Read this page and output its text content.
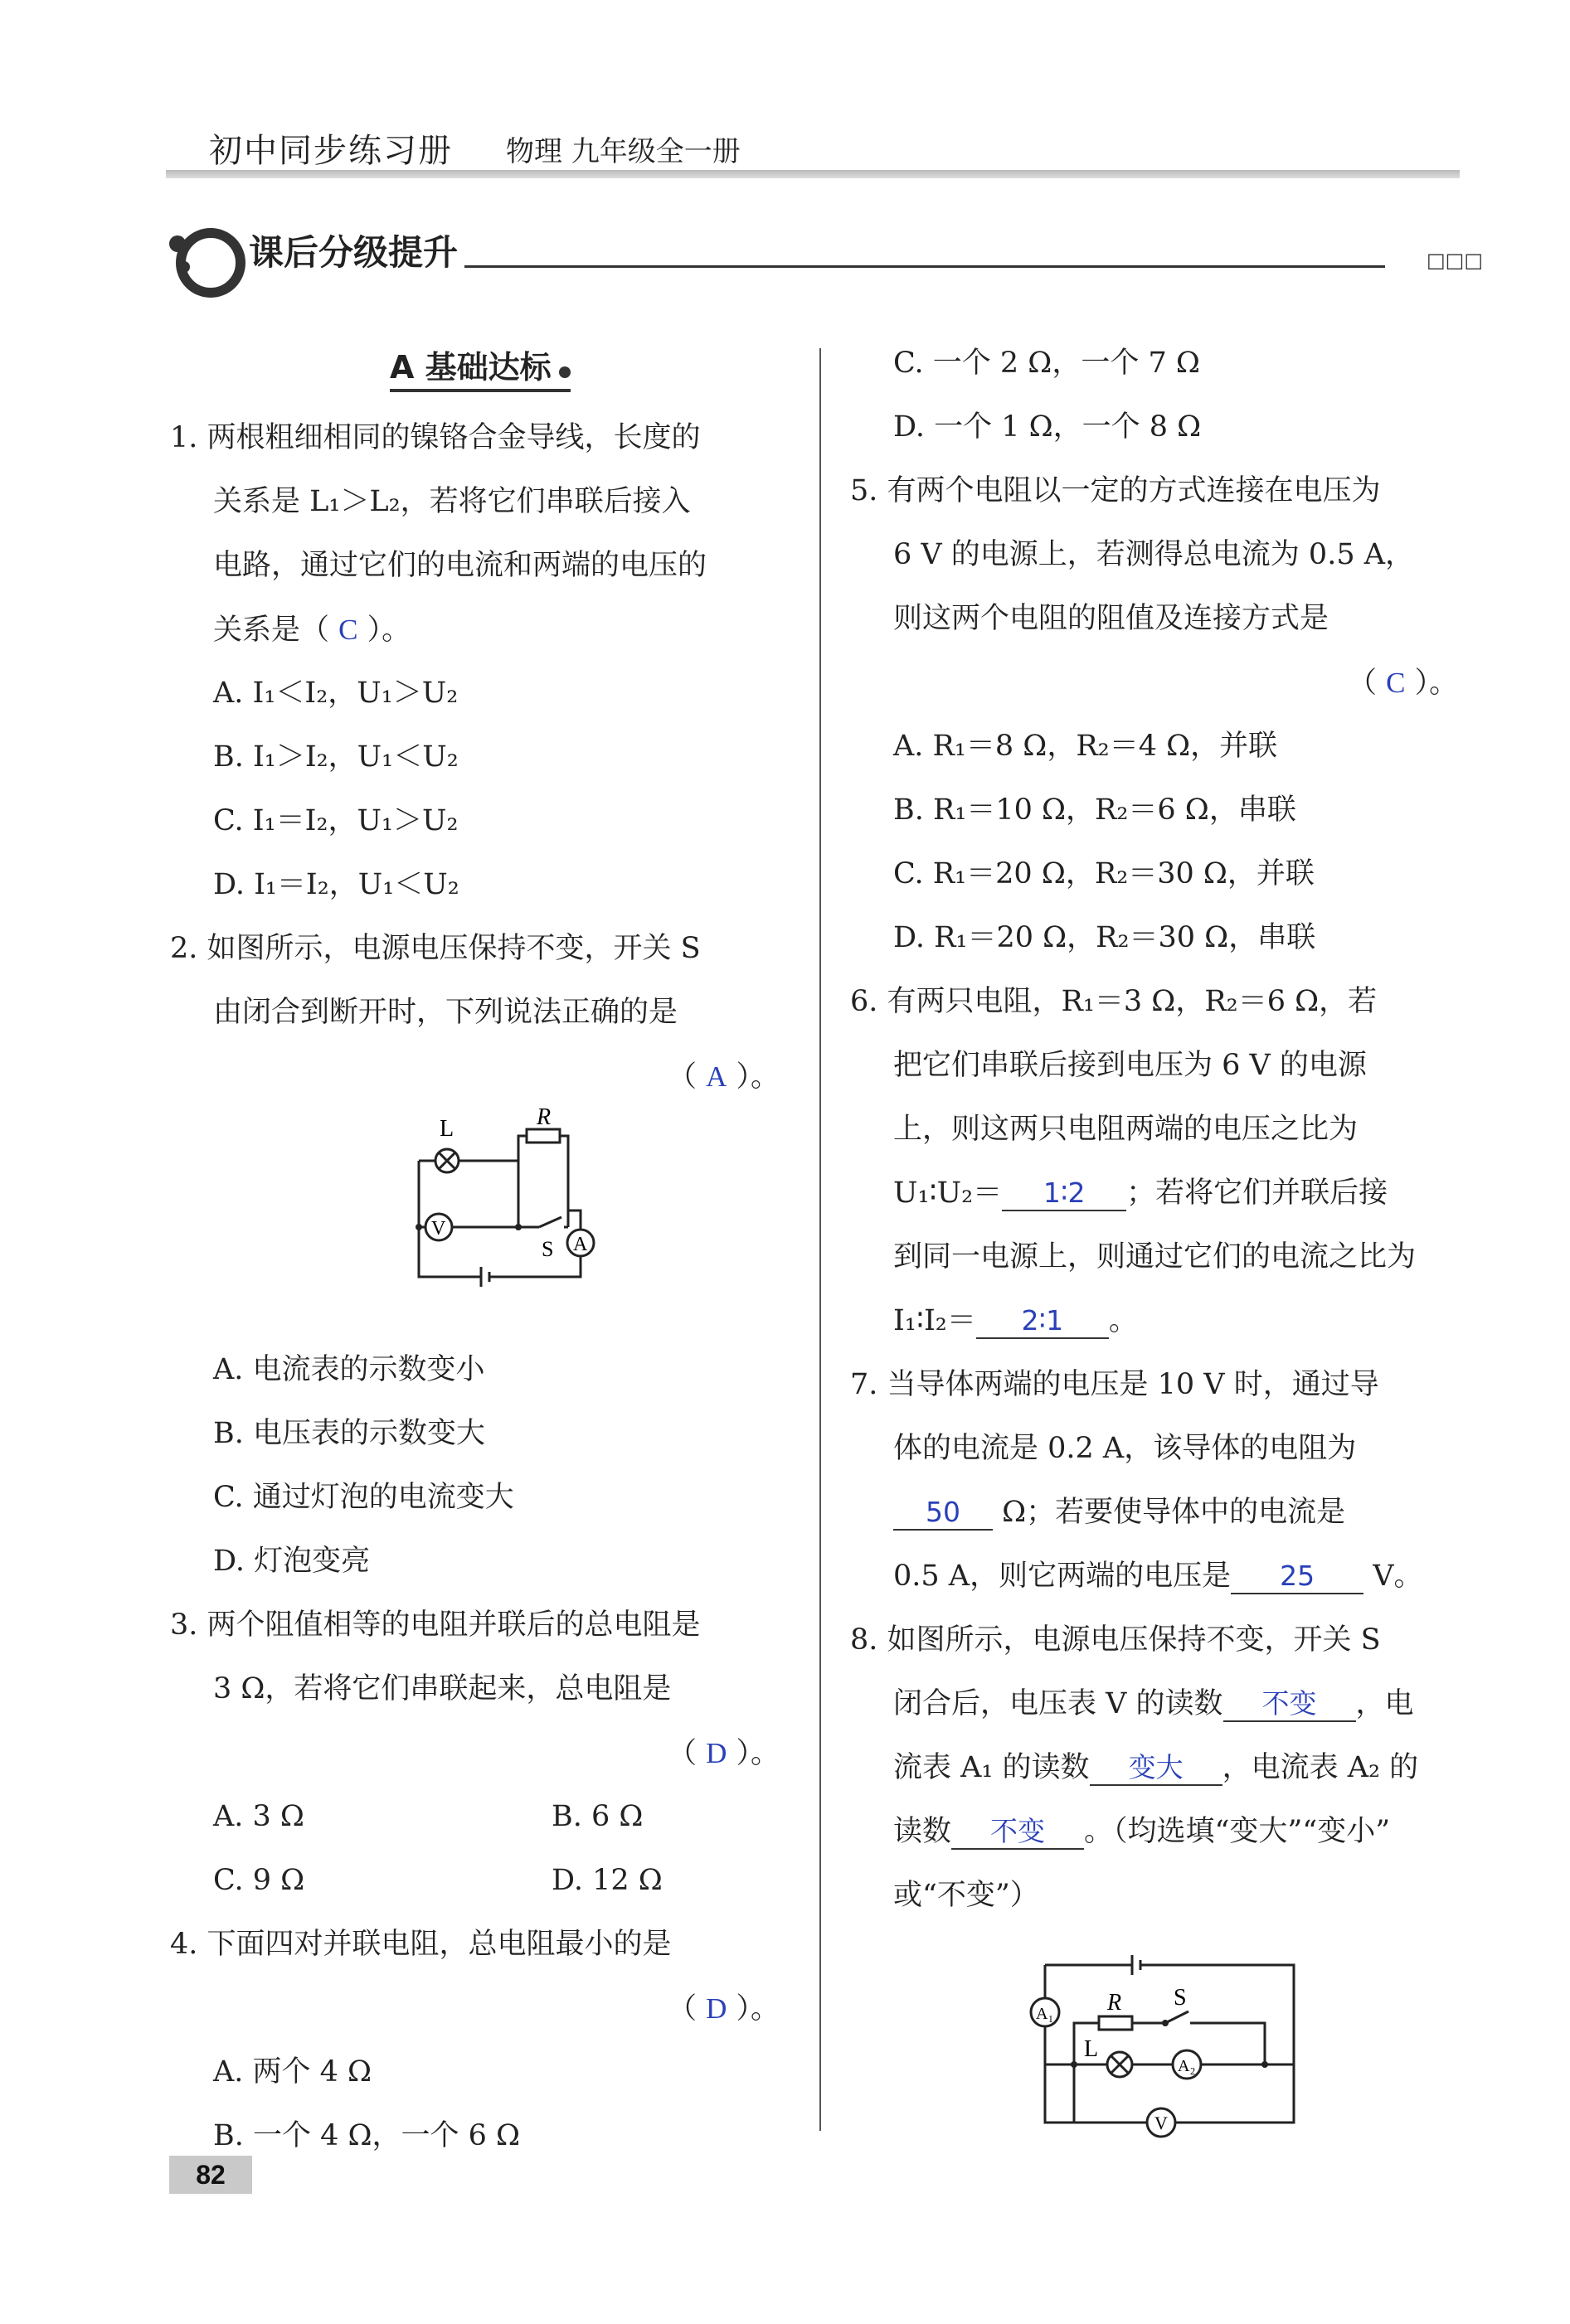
初中同步练习册 物理 九年级全一册
课后分级提升	□□□
A 基础达标
1. 两根粗细相同的镍铬合金导线，长度的
关系是 L₁＞L₂，若将它们串联后接入
电路，通过它们的电流和两端的电压的
关系是（ C ）。
A. I₁＜I₂，U₁＞U₂
B. I₁＞I₂，U₁＜U₂
C. I₁＝I₂，U₁＞U₂
D. I₁＝I₂，U₁＜U₂
2. 如图所示，电源电压保持不变，开关 S
由闭合到断开时，下列说法正确的是
（ A ）。
L	R
V
S A
A. 电流表的示数变小
B. 电压表的示数变大
C. 通过灯泡的电流变大
D. 灯泡变亮
3. 两个阻值相等的电阻并联后的总电阻是
3 Ω，若将它们串联起来，总电阻是
（ D ）。
A. 3 Ω	B. 6 Ω
C. 9 Ω	D. 12 Ω
4. 下面四对并联电阻，总电阻最小的是
（ D ）。
A. 两个 4 Ω
B. 一个 4 Ω，一个 6 Ω
C. 一个 2 Ω，一个 7 Ω
D. 一个 1 Ω，一个 8 Ω
5. 有两个电阻以一定的方式连接在电压为
6 V 的电源上，若测得总电流为 0.5 A，
则这两个电阻的阻值及连接方式是
（ C ）。
A. R₁＝8 Ω，R₂＝4 Ω，并联
B. R₁＝10 Ω，R₂＝6 Ω，串联
C. R₁＝20 Ω，R₂＝30 Ω，并联
D. R₁＝20 Ω，R₂＝30 Ω，串联
6. 有两只电阻，R₁＝3 Ω，R₂＝6 Ω，若
把它们串联后接到电压为 6 V 的电源
上，则这两只电阻两端的电压之比为
U₁∶U₂＝ 1∶2 ；若将它们并联后接
到同一电源上，则通过它们的电流之比为
I₁∶I₂＝ 2∶1 。
7. 当导体两端的电压是 10 V 时，通过导
体的电流是 0.2 A，该导体的电阻为
50 Ω；若要使导体中的电流是
0.5 A，则它两端的电压是 25 V。
8. 如图所示，电源电压保持不变，开关 S
闭合后，电压表 V 的读数 不变 ，电
流表 A₁ 的读数 变大 ，电流表 A₂ 的
读数 不变 。（均选填“变大”“变小”
或“不变”）
R S
A₁
L
A₂
V
82
